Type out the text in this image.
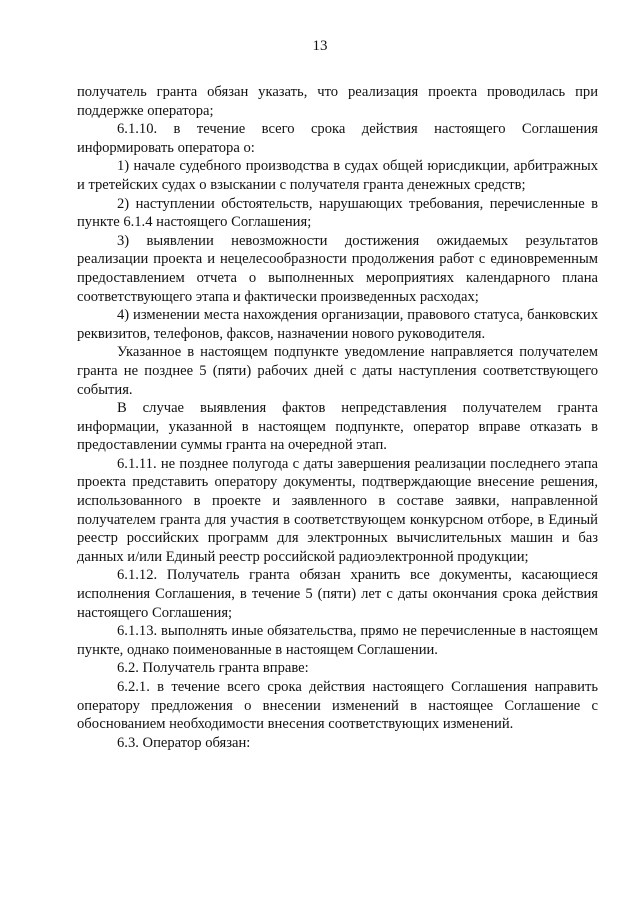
13

получатель гранта обязан указать, что реализация проекта проводилась при поддержке оператора;

6.1.10. в течение всего срока действия настоящего Соглашения информировать оператора о:

1) начале судебного производства в судах общей юрисдикции, арбитражных и третейских судах о взыскании с получателя гранта денежных средств;

2) наступлении обстоятельств, нарушающих требования, перечисленные в пункте 6.1.4 настоящего Соглашения;

3) выявлении невозможности достижения ожидаемых результатов реализации проекта и нецелесообразности продолжения работ с единовременным предоставлением отчета о выполненных мероприятиях календарного плана соответствующего этапа и фактически произведенных расходах;

4) изменении места нахождения организации, правового статуса, банковских реквизитов, телефонов, факсов, назначении нового руководителя.

Указанное в настоящем подпункте уведомление направляется получателем гранта не позднее 5 (пяти) рабочих дней с даты наступления соответствующего события.

В случае выявления фактов непредставления получателем гранта информации, указанной в настоящем подпункте, оператор вправе отказать в предоставлении суммы гранта на очередной этап.

6.1.11. не позднее полугода с даты завершения реализации последнего этапа проекта представить оператору документы, подтверждающие внесение решения, использованного в проекте и заявленного в составе заявки, направленной получателем гранта для участия в соответствующем конкурсном отборе, в Единый реестр российских программ для электронных вычислительных машин и баз данных и/или Единый реестр российской радиоэлектронной продукции;

6.1.12. Получатель гранта обязан хранить все документы, касающиеся исполнения Соглашения, в течение 5 (пяти) лет с даты окончания срока действия настоящего Соглашения;

6.1.13. выполнять иные обязательства, прямо не перечисленные в настоящем пункте, однако поименованные в настоящем Соглашении.

6.2. Получатель гранта вправе:

6.2.1. в течение всего срока действия настоящего Соглашения направить оператору предложения о внесении изменений в настоящее Соглашение с обоснованием необходимости внесения соответствующих изменений.

6.3. Оператор обязан:
